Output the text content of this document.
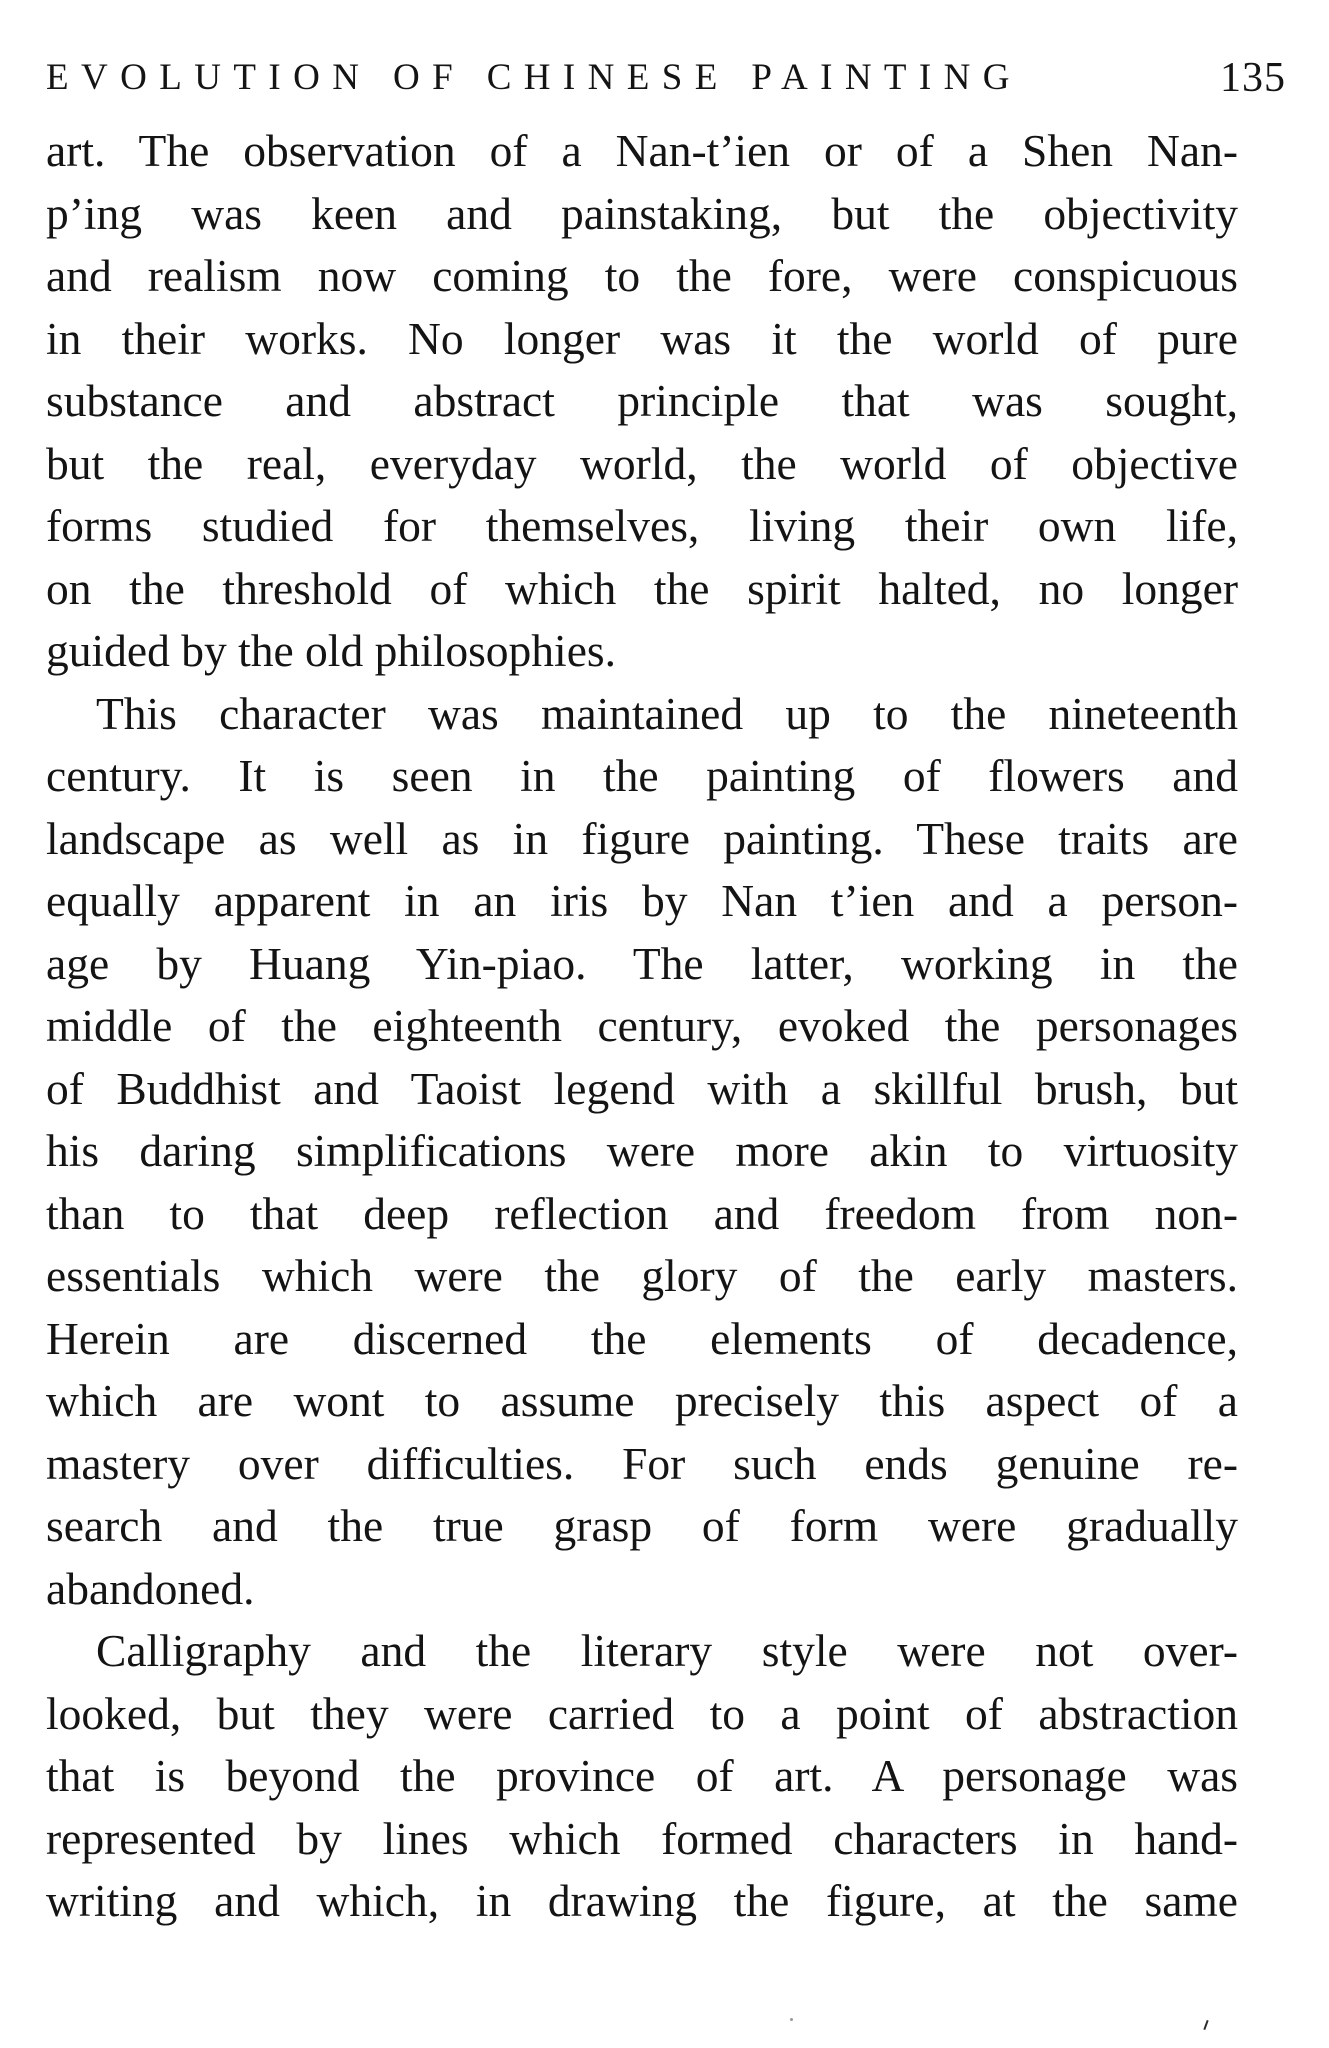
EVOLUTION OF CHINESE PAINTING	135
art. The observation of a Nan-t’ien or of a Shen Nan-
p’ing was keen and painstaking, but the objectivity
and realism now coming to the fore, were conspicuous
in their works. No longer was it the world of pure
substance and abstract principle that was sought,
but the real, everyday world, the world of objective
forms studied for themselves, living their own life,
on the threshold of which the spirit halted, no longer
guided by the old philosophies.
This character was maintained up to the nineteenth
century. It is seen in the painting of flowers and
landscape as well as in figure painting. These traits are
equally apparent in an iris by Nan t’ien and a person-
age by Huang Yin-piao. The latter, working in the
middle of the eighteenth century, evoked the personages
of Buddhist and Taoist legend with a skillful brush, but
his daring simplifications were more akin to virtuosity
than to that deep reflection and freedom from non-
essentials which were the glory of the early masters.
Herein are discerned the elements of decadence,
which are wont to assume precisely this aspect of a
mastery over difficulties. For such ends genuine re-
search and the true grasp of form were gradually
abandoned.
Calligraphy and the literary style were not over-
looked, but they were carried to a point of abstraction
that is beyond the province of art. A personage was
represented by lines which formed characters in hand-
writing and which, in drawing the figure, at the same
